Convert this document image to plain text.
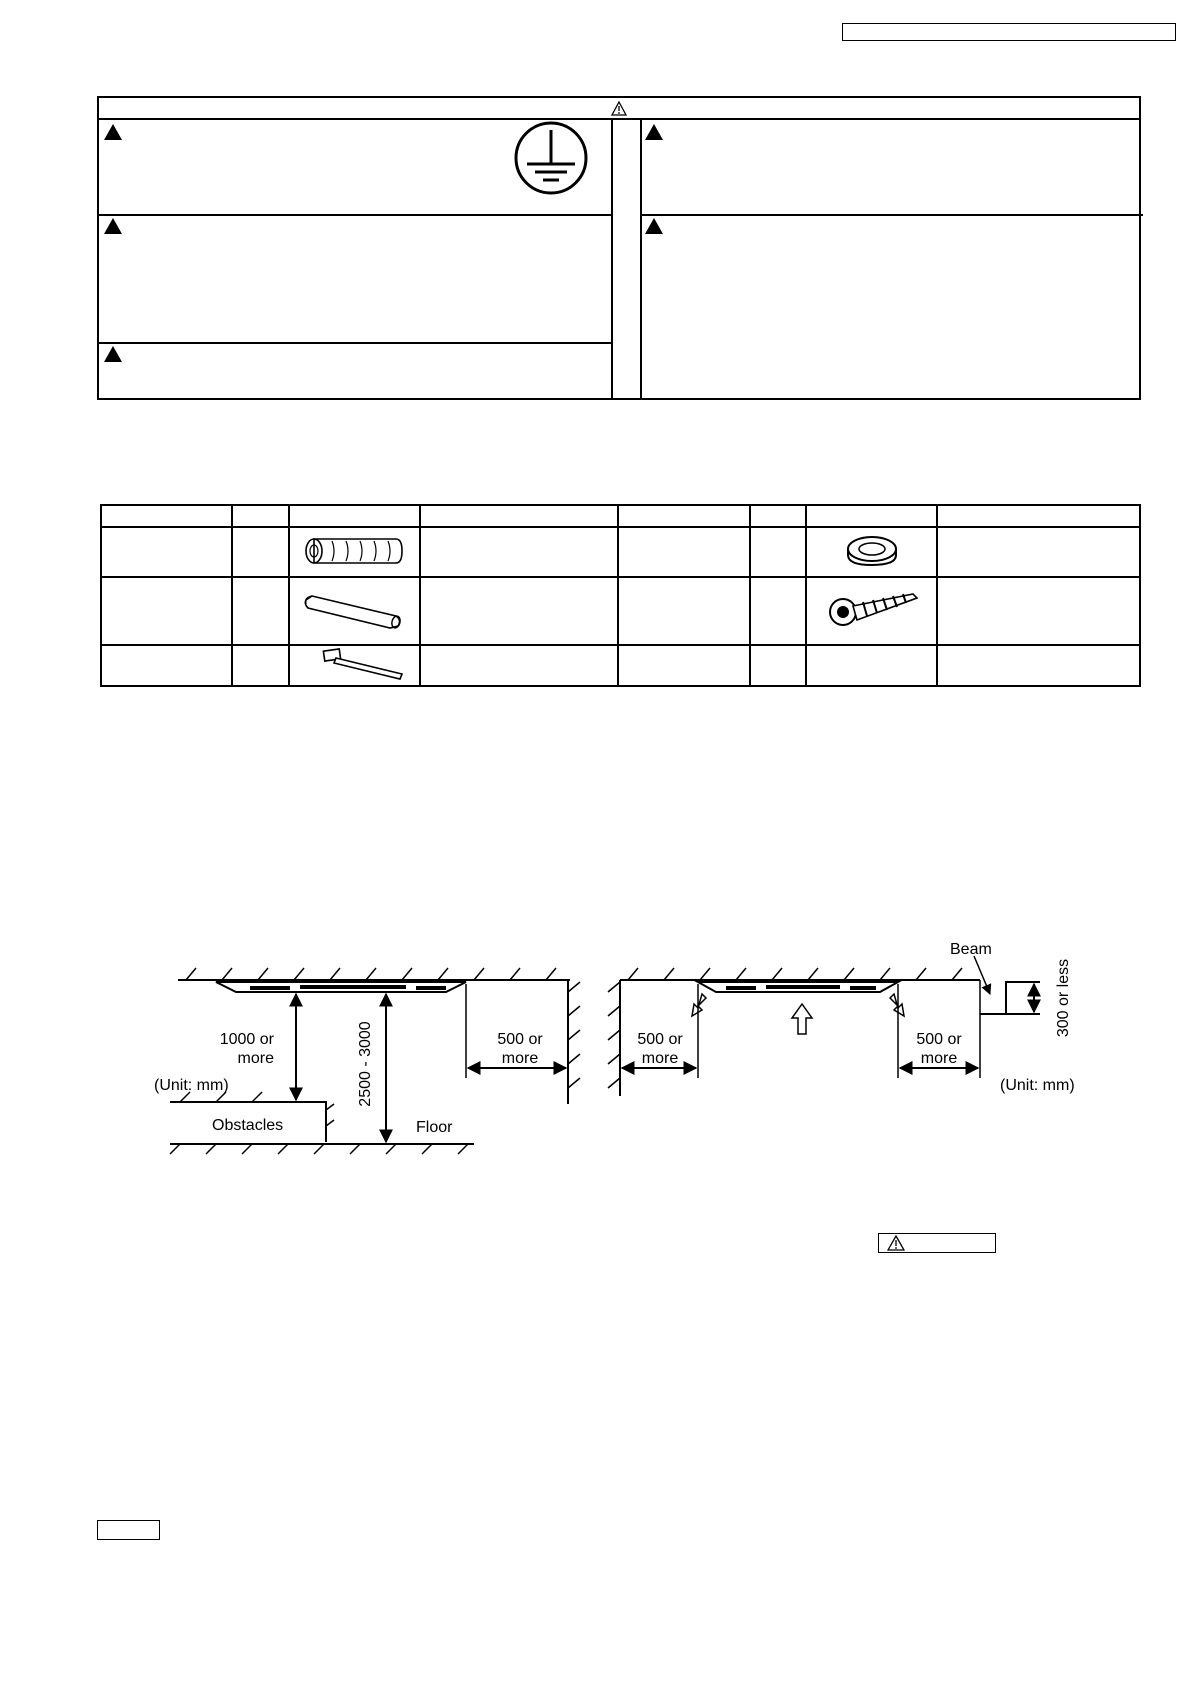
1000 or
more	2500 - 3000	500 or
more
(Unit: mm)
Obstacles	Floor
Beam
300 or less
500 or
more
500 or
more
(Unit: mm)
